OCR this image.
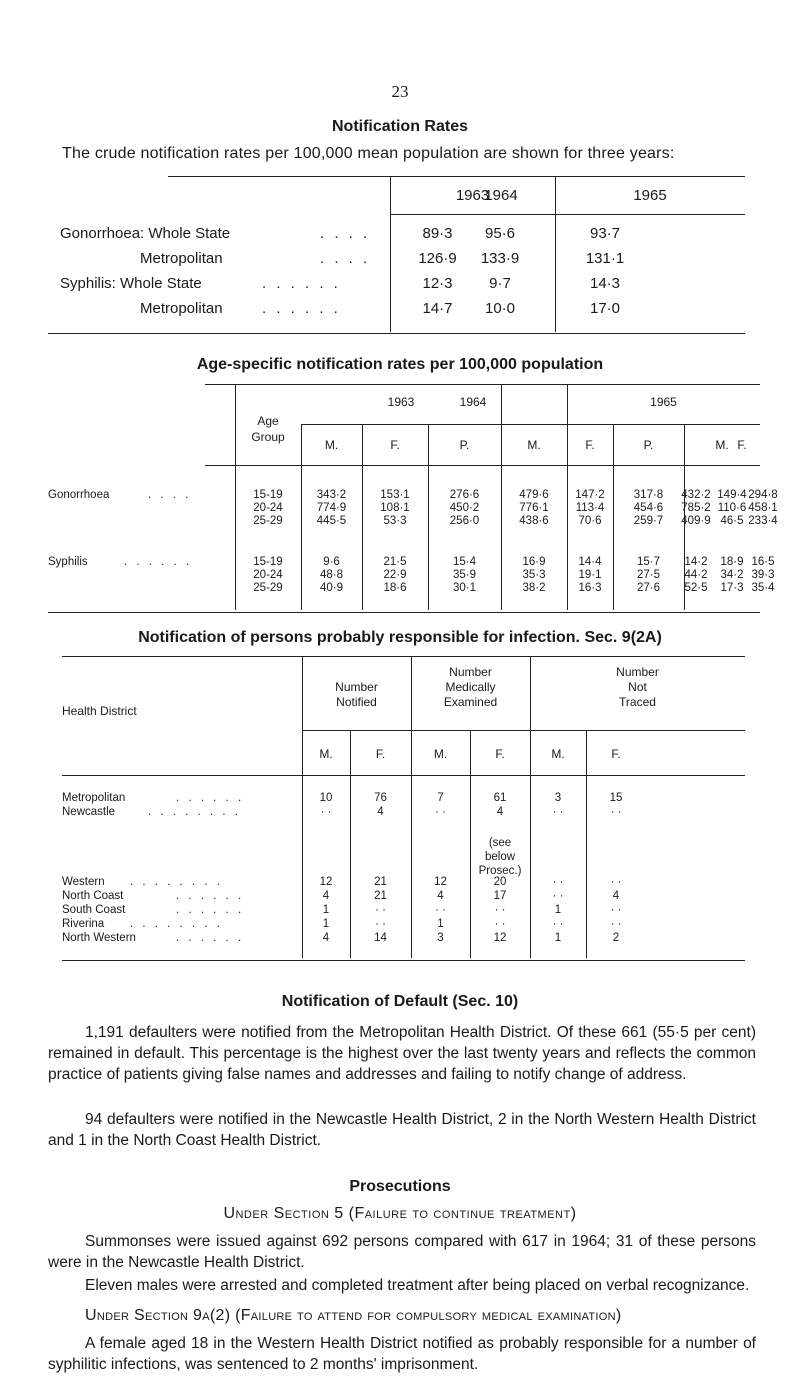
23
Notification Rates
The crude notification rates per 100,000 mean population are shown for three years:
1963
1964	1965
Gonorrhoea: Whole State	. . . .	89·3	95·6	93·7
Metropolitan	. . . .	126·9	133·9	131·1
Syphilis: Whole State	. . . . . .	12·3	9·7	14·3
Metropolitan	. . . . . .	14·7	10·0	17·0
Age-specific notification rates per 100,000 population
Age
Group
1963	1964	1965
M.	F.	P.	M.	F.	P.	M. F.
Gonorrhoea	. . . .	15-19	343·2	153·1	276·6	479·6	147·2	317·8	432·2 149·4 294·8
20-24	774·9	108·1	450·2	776·1	113·4	454·6	785·2 110·6 458·1
25-29	445·5	53·3	256·0	438·6	70·6	259·7	409·9 46·5 233·4
Syphilis	. . . . . .	15-19	9·6	21·5	15·4	16·9	14·4	15·7	14·2	18·9 16·5
20-24	48·8	22·9	35·9	35·3	19·1	27·5	44·2	34·2 39·3
25-29	40·9	18·6	30·1	38·2	16·3	27·6	52·5	17·3 35·4
Notification of persons probably responsible for infection. Sec. 9(2A)
Health District
Number
Notified
Number
Medically
Examined
Number
Not
Traced
M.	F.	M.	F.	M.	F.
Metropolitan	. . . . . .	10	76	7	61	3	15
Newcastle	. . . . . . . .	· ·	4	· ·	4	· ·	· ·
Western . . . . . . . .	12	21	12	20	· ·	· ·
North Coast	. . . . . .	4	21	4	17	· ·	4
South Coast	. . . . . .	1	· ·	· ·	· ·	1	· ·
Riverina . . . . . . . .	1	· ·	1	· ·	· ·	· ·
North Western	. . . . . .	4	14	3	12	1	2
(see
below
Prosec.)
Notification of Default (Sec. 10)
1,191 defaulters were notified from the Metropolitan Health District. Of these 661 (55·5 per cent) remained in default. This percentage is the highest over the last twenty years and reflects the common practice of patients giving false names and addresses and failing to notify change of address.
94 defaulters were notified in the Newcastle Health District, 2 in the North Western Health District and 1 in the North Coast Health District.
Prosecutions
Under Section 5 (Failure to continue treatment)
Summonses were issued against 692 persons compared with 617 in 1964; 31 of these persons were in the Newcastle Health District.
Eleven males were arrested and completed treatment after being placed on verbal recognizance.
Under Section 9a(2) (Failure to attend for compulsory medical examination)
A female aged 18 in the Western Health District notified as probably responsible for a number of syphilitic infections, was sentenced to 2 months' imprisonment.
